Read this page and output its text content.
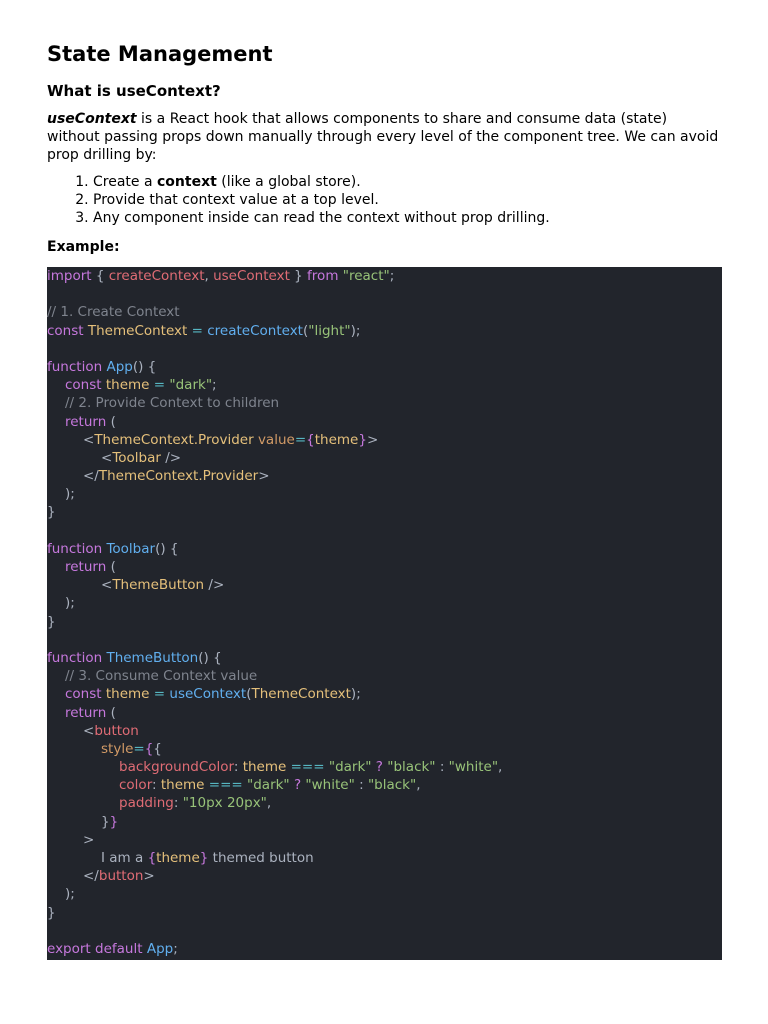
State Management
What is useContext?

useContext is a React hook that allows components to share and consume data (state) without passing props down manually through every level of the component tree. We can avoid prop drilling by:

1. Create a context (like a global store).
2. Provide that context value at a top level.
3. Any component inside can read the context without prop drilling.
Example:
import { createContext, useContext } from "react";

// 1. Create Context
const ThemeContext = createContext("light");

function App() {
const theme = "dark";
// 2. Provide Context to children
return (
<ThemeContext.Provider value={theme}>
<Toolbar />
</ThemeContext.Provider>
);
}

function Toolbar() {
return (
<ThemeButton />
);
}

function ThemeButton() {
// 3. Consume Context value
const theme = useContext(ThemeContext);
return (
<button
style={{
backgroundColor: theme === "dark" ? "black" : "white",
color: theme === "dark" ? "white" : "black",
padding: "10px 20px",
}}
>
I am a {theme} themed button
</button>
);
}

export default App;
